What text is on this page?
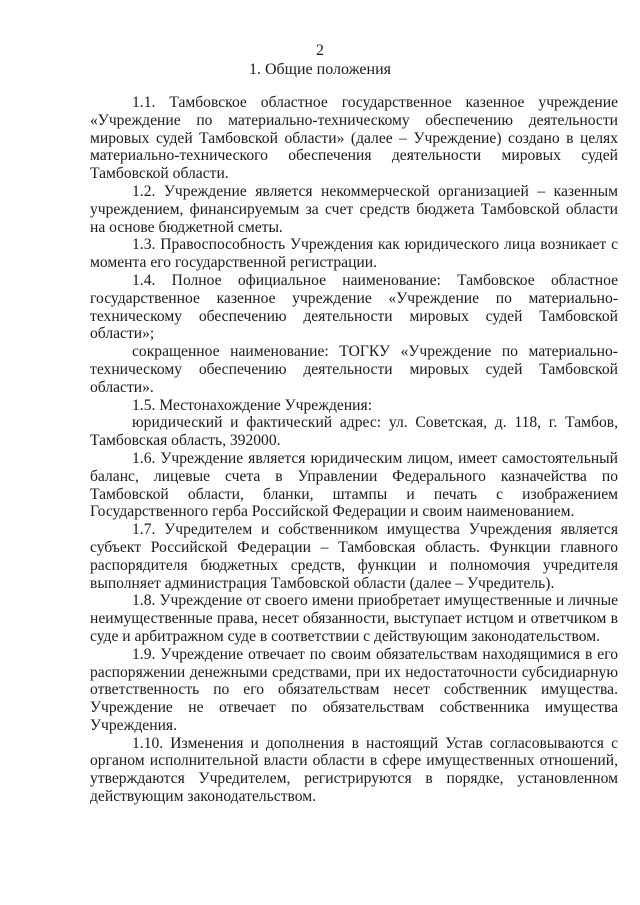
2
1. Общие положения

1.1. Тамбовское областное государственное казенное учреждение «Учреждение по материально-техническому обеспечению деятельности мировых судей Тамбовской области» (далее – Учреждение) создано в целях материально-технического обеспечения деятельности мировых судей Тамбовской области.

1.2. Учреждение является некоммерческой организацией – казенным учреждением, финансируемым за счет средств бюджета Тамбовской области на основе бюджетной сметы.

1.3. Правоспособность Учреждения как юридического лица возникает с момента его государственной регистрации.

1.4. Полное официальное наименование: Тамбовское областное государственное казенное учреждение «Учреждение по материально-техническому обеспечению деятельности мировых судей Тамбовской области»;

сокращенное наименование: ТОГКУ «Учреждение по материально-техническому обеспечению деятельности мировых судей Тамбовской области».

1.5. Местонахождение Учреждения:

юридический и фактический адрес: ул. Советская, д. 118, г. Тамбов, Тамбовская область, 392000.

1.6. Учреждение является юридическим лицом, имеет самостоятельный баланс, лицевые счета в Управлении Федерального казначейства по Тамбовской области, бланки, штампы и печать с изображением Государственного герба Российской Федерации и своим наименованием.

1.7. Учредителем и собственником имущества Учреждения является субъект Российской Федерации – Тамбовская область. Функции главного распорядителя бюджетных средств, функции и полномочия учредителя выполняет администрация Тамбовской области (далее – Учредитель).

1.8. Учреждение от своего имени приобретает имущественные и личные неимущественные права, несет обязанности, выступает истцом и ответчиком в суде и арбитражном суде в соответствии с действующим законодательством.

1.9. Учреждение отвечает по своим обязательствам находящимися в его распоряжении денежными средствами, при их недостаточности субсидиарную ответственность по его обязательствам несет собственник имущества. Учреждение не отвечает по обязательствам собственника имущества Учреждения.

1.10. Изменения и дополнения в настоящий Устав согласовываются с органом исполнительной власти области в сфере имущественных отношений, утверждаются Учредителем, регистрируются в порядке, установленном действующим законодательством.
